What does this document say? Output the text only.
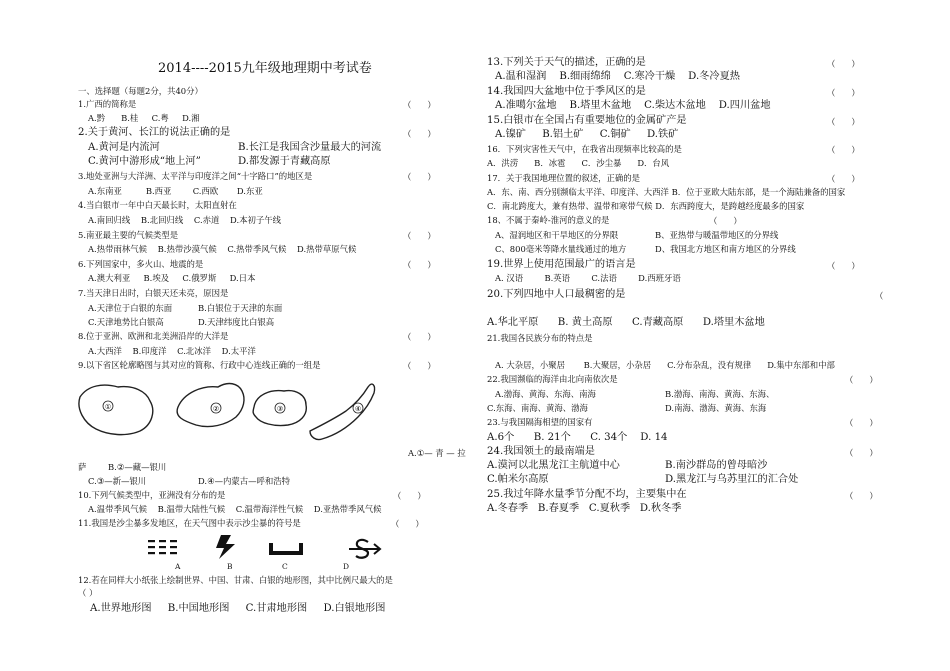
2014----2015九年级地理期中考试卷
一、选择题（每题2分，共40分）
1.广西的简称是	（      ）
A.黔 B.桂 C.粤 D.湘
2.关于黄河、长江的说法正确的是	（      ）
A.黄河是内流河	B.长江是我国含沙量最大的河流
C.黄河中游形成“地上河”	D.都发源于青藏高原
3.地处亚洲与大洋洲、太平洋与印度洋之间“十字路口”的地区是	（      ）
A.东南亚	B.西亚	C.西欧 D.东亚
4.当白银市一年中白天最长时，太阳直射在
A.南回归线 B.北回归线 C.赤道 D.本初子午线
5.南亚最主要的气候类型是	（      ）
A.热带雨林气候 B.热带沙漠气候 C.热带季风气候 D.热带草原气候
6.下列国家中，多火山、地震的是	（      ）
A.澳大利亚 B.埃及 C.俄罗斯 D.日本
7.当天津日出时，白银天还未亮，原因是
A.天津位于白银的东面	B.白银位于天津的东面
C.天津地势比白银高	D.天津纬度比白银高
8.位于亚洲、欧洲和北美洲沿岸的大洋是	（      ）
A.大西洋 B.印度洋 C.北冰洋 D.太平洋
9.以下省区轮廓略图与其对应的简称、行政中心连线正确的一组是	（      ）
①	②	③	④
A.①— 青 — 拉
萨	B.②—藏—银川
C.③—新—银川	D.④—内蒙古—呼和浩特
10.下列气候类型中，亚洲没有分布的是	（      ）
A.温带季风气候 B.温带大陆性气候 C.温带海洋性气候 D.亚热带季风气候
11.我国是沙尘暴多发地区，在天气图中表示沙尘暴的符号是	（      ）
A	B	C	D
12.若在同样大小纸张上绘制世界、中国、甘肃、白银的地形图，其中比例尺最大的是
（ ）
A.世界地形图 B.中国地形图 C.甘肃地形图 D.白银地形图
13.下列关于天气的描述，正确的是	（      ）
A.温和湿润 B.细雨绵绵 C.寒冷干燥 D.冬冷夏热
14.我国四大盆地中位于季风区的是	（      ）
A.准噶尔盆地 B.塔里木盆地 C.柴达木盆地 D.四川盆地
15.白银市在全国占有重要地位的金属矿产是	（      ）
A.镍矿 B.铝土矿 C.铜矿 D.铁矿
16．下列灾害性天气中，在我省出现频率比较高的是	（      ）
A．洪涝 B．冰雹 C．沙尘暴 D．台风
17．关于我国地理位置的叙述，正确的是	（      ）
A．东、南、西分别濒临太平洋、印度洋、大西洋 B．位于亚欧大陆东部，是一个海陆兼备的国家
C．南北跨度大，兼有热带、温带和寒带气候 D．东西跨度大，是跨越经度最多的国家
18、不属于秦岭-淮河的意义的是	（      ）
A、湿润地区和干旱地区的分界限	B、亚热带与暖温带地区的分界线
C、800毫米等降水量线通过的地方	D、我国北方地区和南方地区的分界线
19.世界上使用范围最广的语言是	（      ）
A. 汉语	B.英语	C.法语	D.西班牙语
20.下列四地中人口最稠密的是	（
A.华北平原 B. 黄土高原 C.青藏高原 D.塔里木盆地
21.我国各民族分布的特点是
A. 大杂居，小聚居 B.大聚居，小杂居 C.分布杂乱，没有规律 D.集中东部和中部
22.我国濒临的海洋由北向南依次是	（      ）
A.渤海、黄海、东海、南海	B.渤海、南海、黄海、东海、
C.东海、南海、黄海、渤海	D.南海、渤海、黄海、东海
23.与我国隔海相望的国家有	（      ）
A.6个 B. 21个 C. 34个 D. 14
24.我国领土的最南端是	（      ）
A.漠河以北黑龙江主航道中心	B.南沙群岛的曾母暗沙
C.帕米尔高原	D.黑龙江与乌苏里江的汇合处
25.我过年降水量季节分配不均，主要集中在	（      ）
A.冬春季 B.春夏季 C.夏秋季 D.秋冬季
